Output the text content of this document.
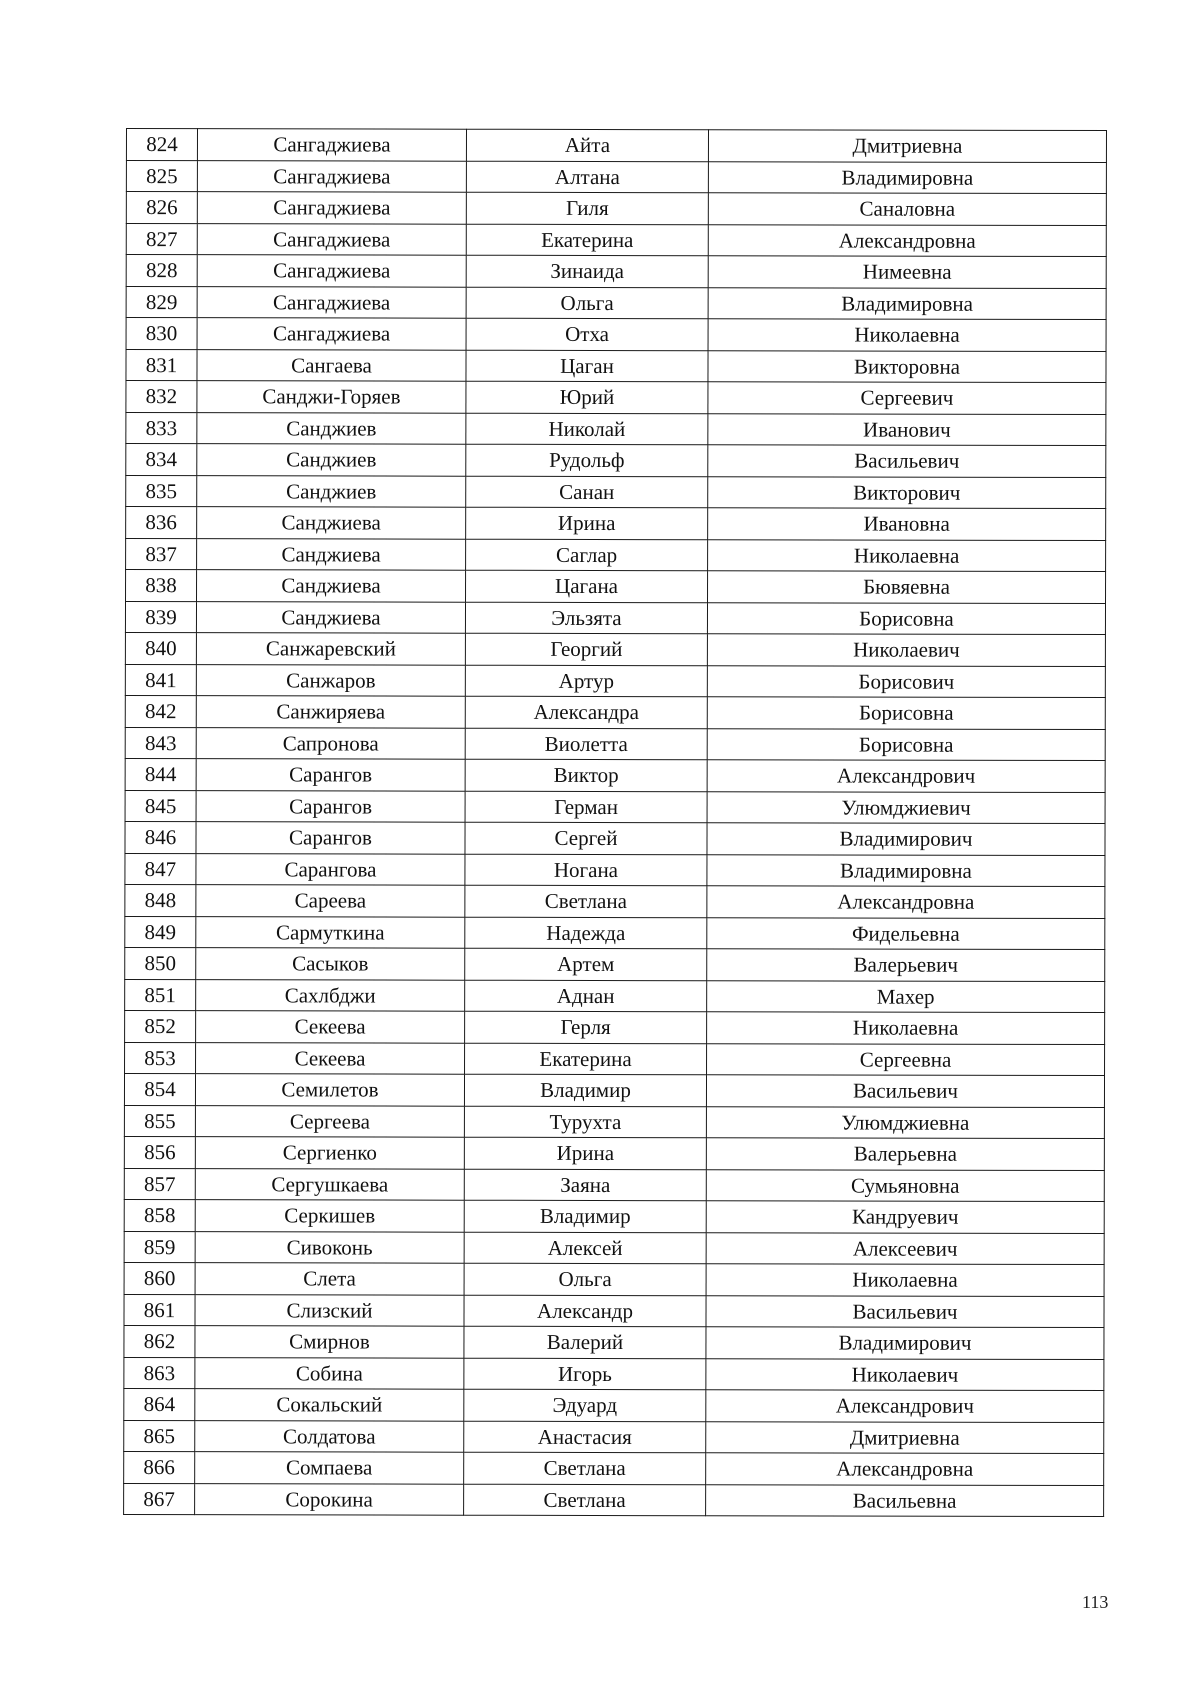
824	Сангаджиева	Айта	Дмитриевна
825	Сангаджиева	Алтана	Владимировна
826	Сангаджиева	Гиля	Саналовна
827	Сангаджиева	Екатерина	Александровна
828	Сангаджиева	Зинаида	Нимеевна
829	Сангаджиева	Ольга	Владимировна
830	Сангаджиева	Отха	Николаевна
831	Сангаева	Цаган	Викторовна
832	Санджи-Горяев	Юрий	Сергеевич
833	Санджиев	Николай	Иванович
834	Санджиев	Рудольф	Васильевич
835	Санджиев	Санан	Викторович
836	Санджиева	Ирина	Ивановна
837	Санджиева	Саглар	Николаевна
838	Санджиева	Цагана	Бювяевна
839	Санджиева	Эльзята	Борисовна
840	Санжаревский	Георгий	Николаевич
841	Санжаров	Артур	Борисович
842	Санжиряева	Александра	Борисовна
843	Сапронова	Виолетта	Борисовна
844	Сарангов	Виктор	Александрович
845	Сарангов	Герман	Улюмджиевич
846	Сарангов	Сергей	Владимирович
847	Сарангова	Ногана	Владимировна
848	Сареева	Светлана	Александровна
849	Сармуткина	Надежда	Фидельевна
850	Сасыков	Артем	Валерьевич
851	Сахлбджи	Аднан	Махер
852	Секеева	Герля	Николаевна
853	Секеева	Екатерина	Сергеевна
854	Семилетов	Владимир	Васильевич
855	Сергеева	Турухта	Улюмджиевна
856	Сергиенко	Ирина	Валерьевна
857	Сергушкаева	Заяна	Сумьяновна
858	Серкишев	Владимир	Кандруевич
859	Сивоконь	Алексей	Алексеевич
860	Слета	Ольга	Николаевна
861	Слизский	Александр	Васильевич
862	Смирнов	Валерий	Владимирович
863	Собина	Игорь	Николаевич
864	Сокальский	Эдуард	Александрович
865	Солдатова	Анастасия	Дмитриевна
866	Сомпаева	Светлана	Александровна
867	Сорокина	Светлана	Васильевна
113
